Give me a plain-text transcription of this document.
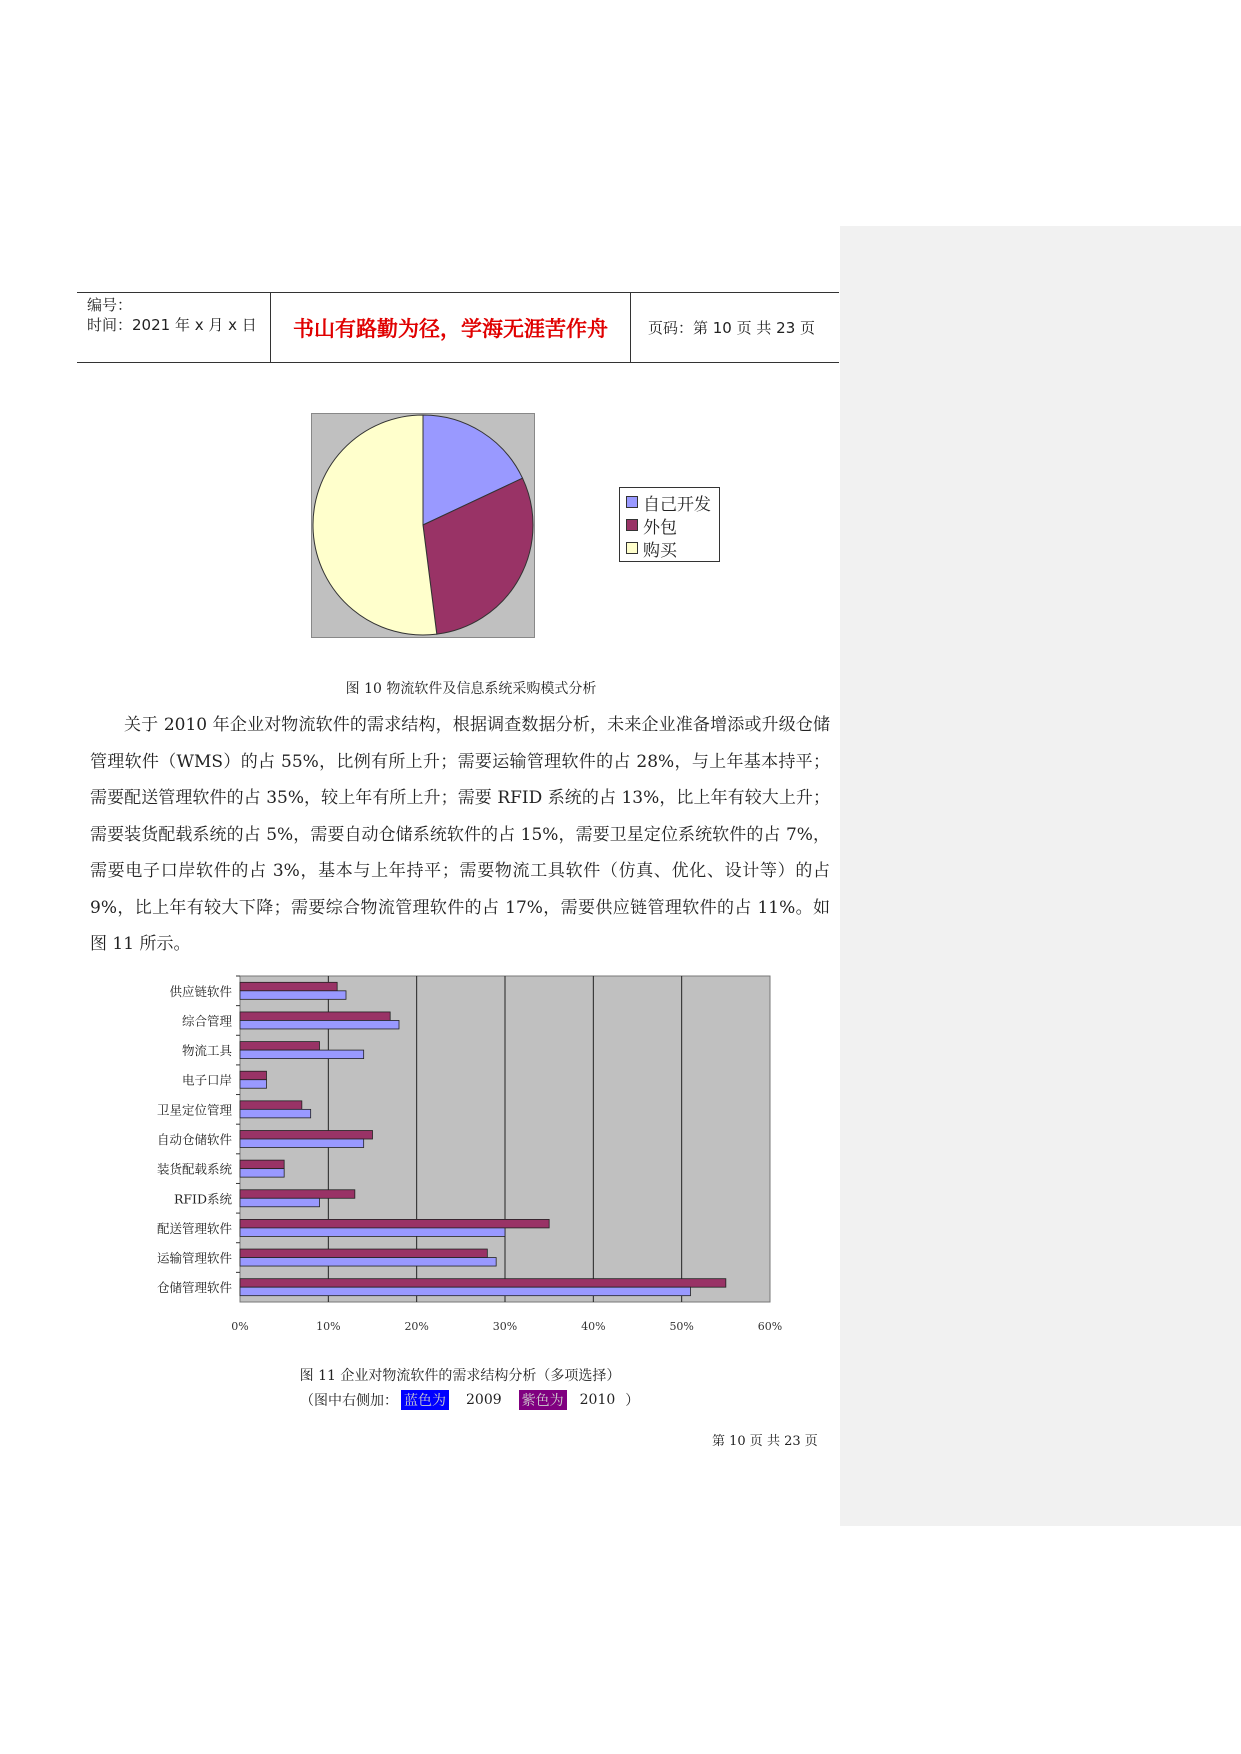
编号：
时间：2021 年 x 月 x 日	书山有路勤为径，学海无涯苦作舟	页码：第 10 页 共 23 页
自己开发
外包
购买
图 10 物流软件及信息系统采购模式分析

关于 2010 年企业对物流软件的需求结构，根据调查数据分析，未来企业准备增添或升级仓储管理软件（WMS）的占 55%，比例有所上升；需要运输管理软件的占 28%，与上年基本持平；需要配送管理软件的占 35%，较上年有所上升；需要 RFID 系统的占 13%，比上年有较大上升；需要装货配载系统的占 5%，需要自动仓储系统软件的占 15%，需要卫星定位系统软件的占 7%，需要电子口岸软件的占 3%，基本与上年持平；需要物流工具软件（仿真、优化、设计等）的占 9%，比上年有较大下降；需要综合物流管理软件的占 17%，需要供应链管理软件的占 11%。如图 11 所示。

0%	10%	20%	30%	40%	50%	60%
供应链软件
综合管理
物流工具
电子口岸
卫星定位管理
自动仓储软件
装货配载系统
RFID系统
配送管理软件
运输管理软件
仓储管理软件
图 11 企业对物流软件的需求结构分析（多项选择）
（图中右侧加： 蓝色为 2009 紫色为 2010 ）
第 10 页 共 23 页
